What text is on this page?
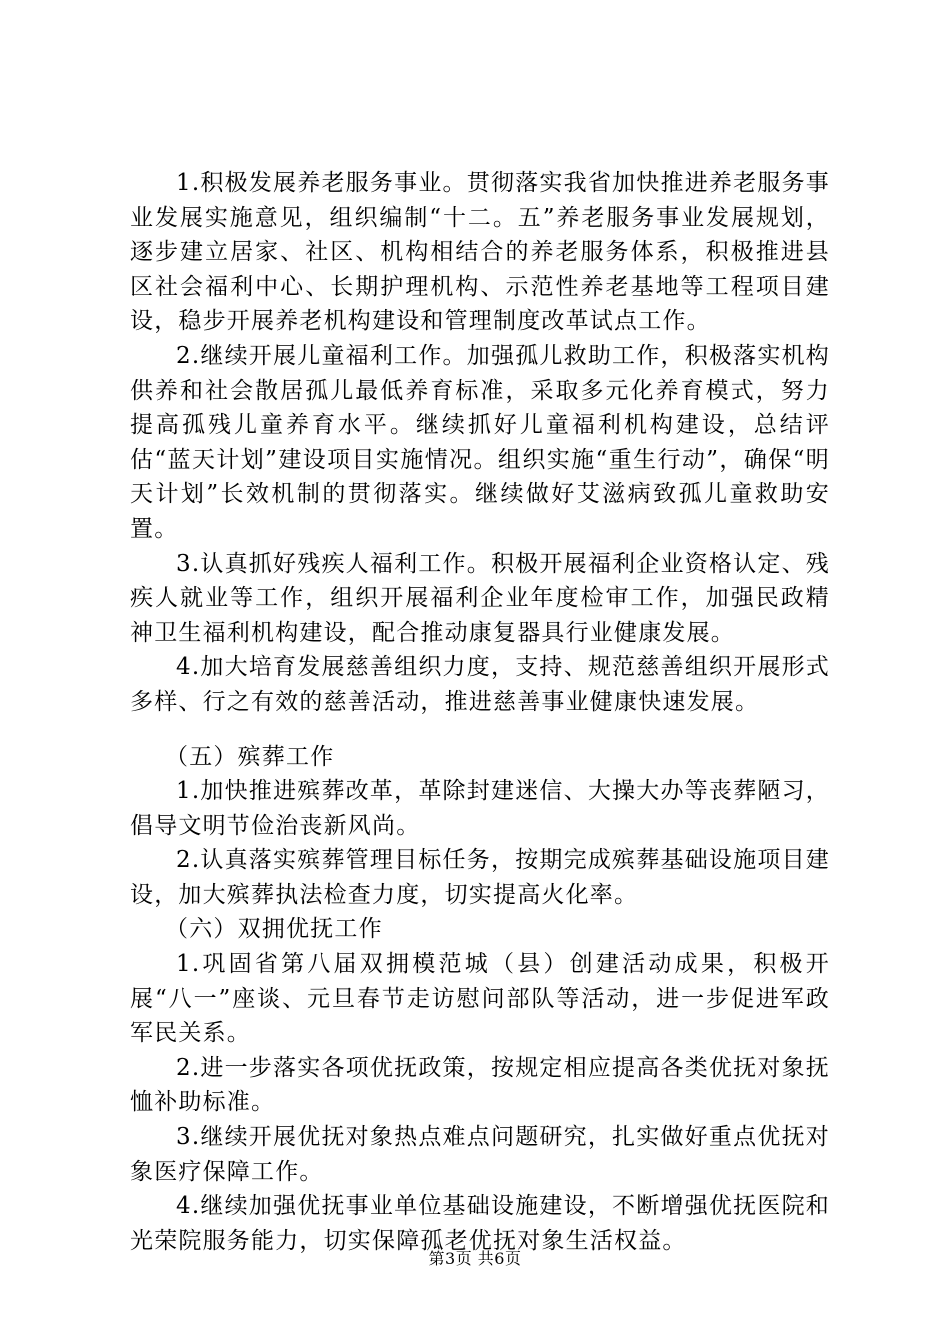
1.积极发展养老服务事业。贯彻落实我省加快推进养老服务事业发展实施意见，组织编制“十二。五”养老服务事业发展规划，逐步建立居家、社区、机构相结合的养老服务体系，积极推进县区社会福利中心、长期护理机构、示范性养老基地等工程项目建设，稳步开展养老机构建设和管理制度改革试点工作。

2.继续开展儿童福利工作。加强孤儿救助工作，积极落实机构供养和社会散居孤儿最低养育标准，采取多元化养育模式，努力提高孤残儿童养育水平。继续抓好儿童福利机构建设，总结评估“蓝天计划”建设项目实施情况。组织实施“重生行动”，确保“明天计划”长效机制的贯彻落实。继续做好艾滋病致孤儿童救助安置。

3.认真抓好残疾人福利工作。积极开展福利企业资格认定、残疾人就业等工作，组织开展福利企业年度检审工作，加强民政精神卫生福利机构建设，配合推动康复器具行业健康发展。

4.加大培育发展慈善组织力度，支持、规范慈善组织开展形式多样、行之有效的慈善活动，推进慈善事业健康快速发展。

（五）殡葬工作

1.加快推进殡葬改革，革除封建迷信、大操大办等丧葬陋习，倡导文明节俭治丧新风尚。

2.认真落实殡葬管理目标任务，按期完成殡葬基础设施项目建设，加大殡葬执法检查力度，切实提高火化率。

（六）双拥优抚工作

1.巩固省第八届双拥模范城（县）创建活动成果，积极开展“八一”座谈、元旦春节走访慰问部队等活动，进一步促进军政军民关系。

2.进一步落实各项优抚政策，按规定相应提高各类优抚对象抚恤补助标准。

3.继续开展优抚对象热点难点问题研究，扎实做好重点优抚对象医疗保障工作。

4.继续加强优抚事业单位基础设施建设，不断增强优抚医院和光荣院服务能力，切实保障孤老优抚对象生活权益。

第3页 共6页
